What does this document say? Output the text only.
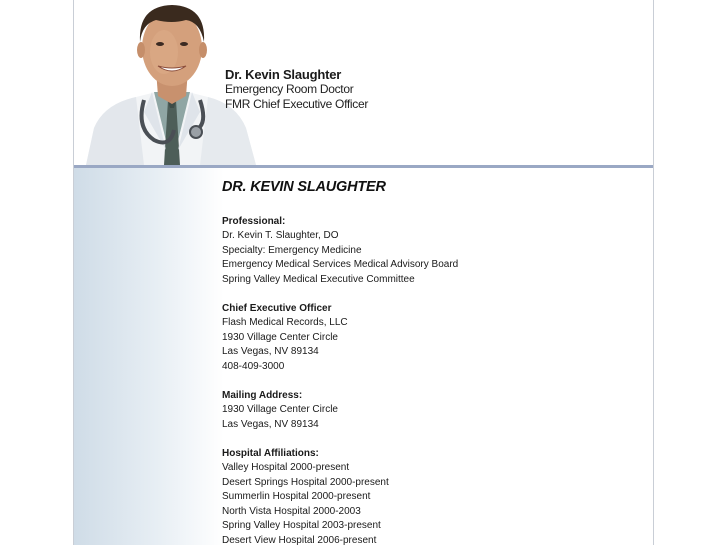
Dr. Kevin Slaughter
Emergency Room Doctor
FMR Chief Executive Officer
DR. KEVIN SLAUGHTER
Professional:
Dr. Kevin T. Slaughter, DO
Specialty: Emergency Medicine
Emergency Medical Services Medical Advisory Board
Spring Valley Medical Executive Committee
Chief Executive Officer
Flash Medical Records, LLC
1930 Village Center Circle
Las Vegas, NV 89134
408-409-3000
Mailing Address:
1930 Village Center Circle
Las Vegas, NV 89134
Hospital Affiliations:
Valley Hospital 2000-present
Desert Springs Hospital 2000-present
Summerlin Hospital 2000-present
North Vista Hospital 2000-2003
Spring Valley Hospital 2003-present
Desert View Hospital 2006-present
